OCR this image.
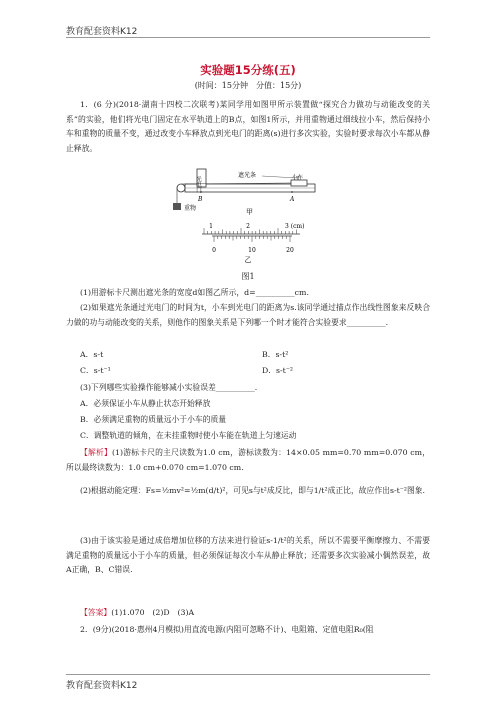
教育配套资料K12
实验题15分练(五)
(时间：15分钟　分值：15分)
1．(6 分)(2018·湖南十四校二次联考)某同学用如图甲所示装置做“探究合力做功与动能改变的关系”的实验，他们将光电门固定在水平轨道上的B点，如图1所示，并用重物通过细线拉小车，然后保持小车和重物的质量不变，通过改变小车释放点到光电门的距离(s)进行多次实验，实验时要求每次小车都从静止释放。
光电门
遮光条	小车
重物
B	A
甲
1	2	3 (cm)
0	10	20
乙
图1
(1)用游标卡尺测出遮光条的宽度d如图乙所示，d=__________cm.
(2)如果遮光条通过光电门的时间为t，小车到光电门的距离为s.该同学通过描点作出线性图象来反映合力做的功与动能改变的关系，则他作的图象关系是下列哪一个时才能符合实验要求__________.
A．s-t	B．s-t²
C．s-t⁻¹	D．s-t⁻²
(3)下列哪些实验操作能够减小实验误差__________.
A．必须保证小车从静止状态开始释放
B．必须满足重物的质量远小于小车的质量
C．调整轨道的倾角，在未挂重物时使小车能在轨道上匀速运动
【解析】(1)游标卡尺的主尺读数为1.0 cm，游标读数为：14×0.05 mm=0.70 mm=0.070 cm，所以最终读数为：1.0 cm+0.070 cm=1.070 cm.
(2)根据动能定理：Fs=½mv²=½m(d/t)²，可见s与t²成反比，即与1/t²成正比，故应作出s-t⁻²图象.
(3)由于该实验是通过成倍增加位移的方法来进行验证s-1/t²的关系，所以不需要平衡摩擦力、不需要满足重物的质量远小于小车的质量，但必须保证每次小车从静止释放；还需要多次实验减小偶然误差，故A正确，B、C错误.
【答案】(1)1.070　(2)D　(3)A
2．(9分)(2018·惠州4月模拟)用直流电源(内阻可忽略不计)、电阻箱、定值电阻R₀(阻
教育配套资料K12
